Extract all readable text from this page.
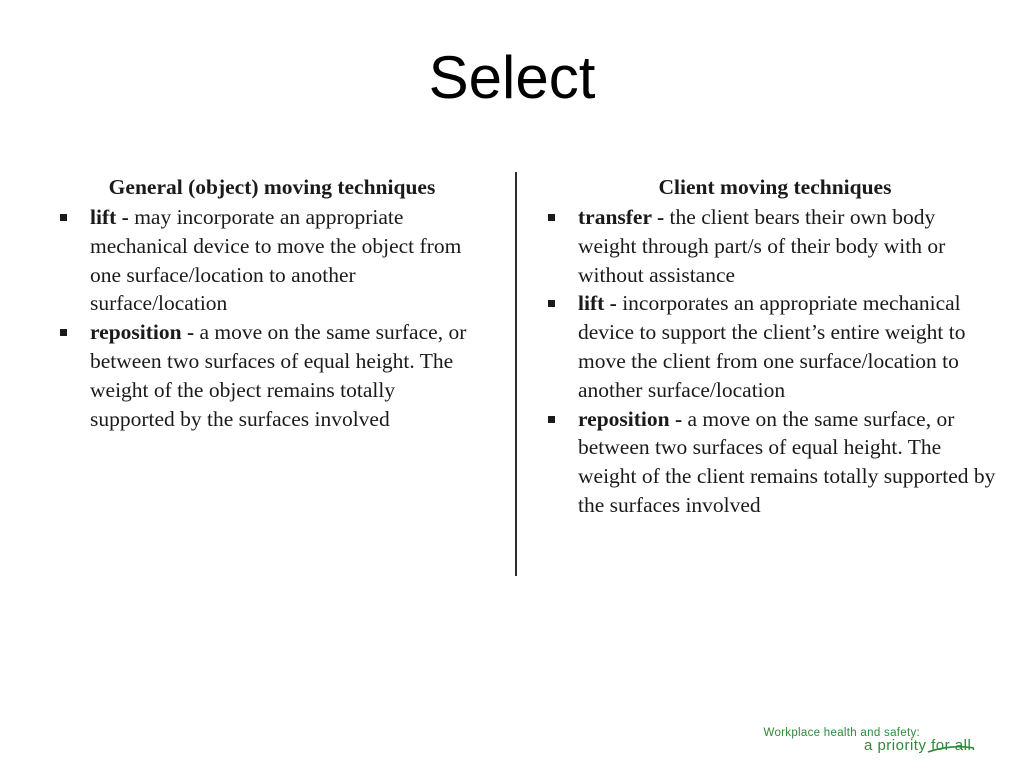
Select
General (object) moving techniques
lift - may incorporate an appropriate mechanical device to move the object from one surface/location to another surface/location
reposition - a move on the same surface, or between two surfaces of equal height. The weight of the object remains totally supported by the surfaces involved
Client moving techniques
transfer - the client bears their own body weight through part/s of their body with or without assistance
lift - incorporates an appropriate mechanical device to support the client’s entire weight to move the client from one surface/location to another surface/location
reposition - a move on the same surface, or between two surfaces of equal height. The weight of the client remains totally supported by the surfaces involved
Workplace health and safety:
a priority for all.
